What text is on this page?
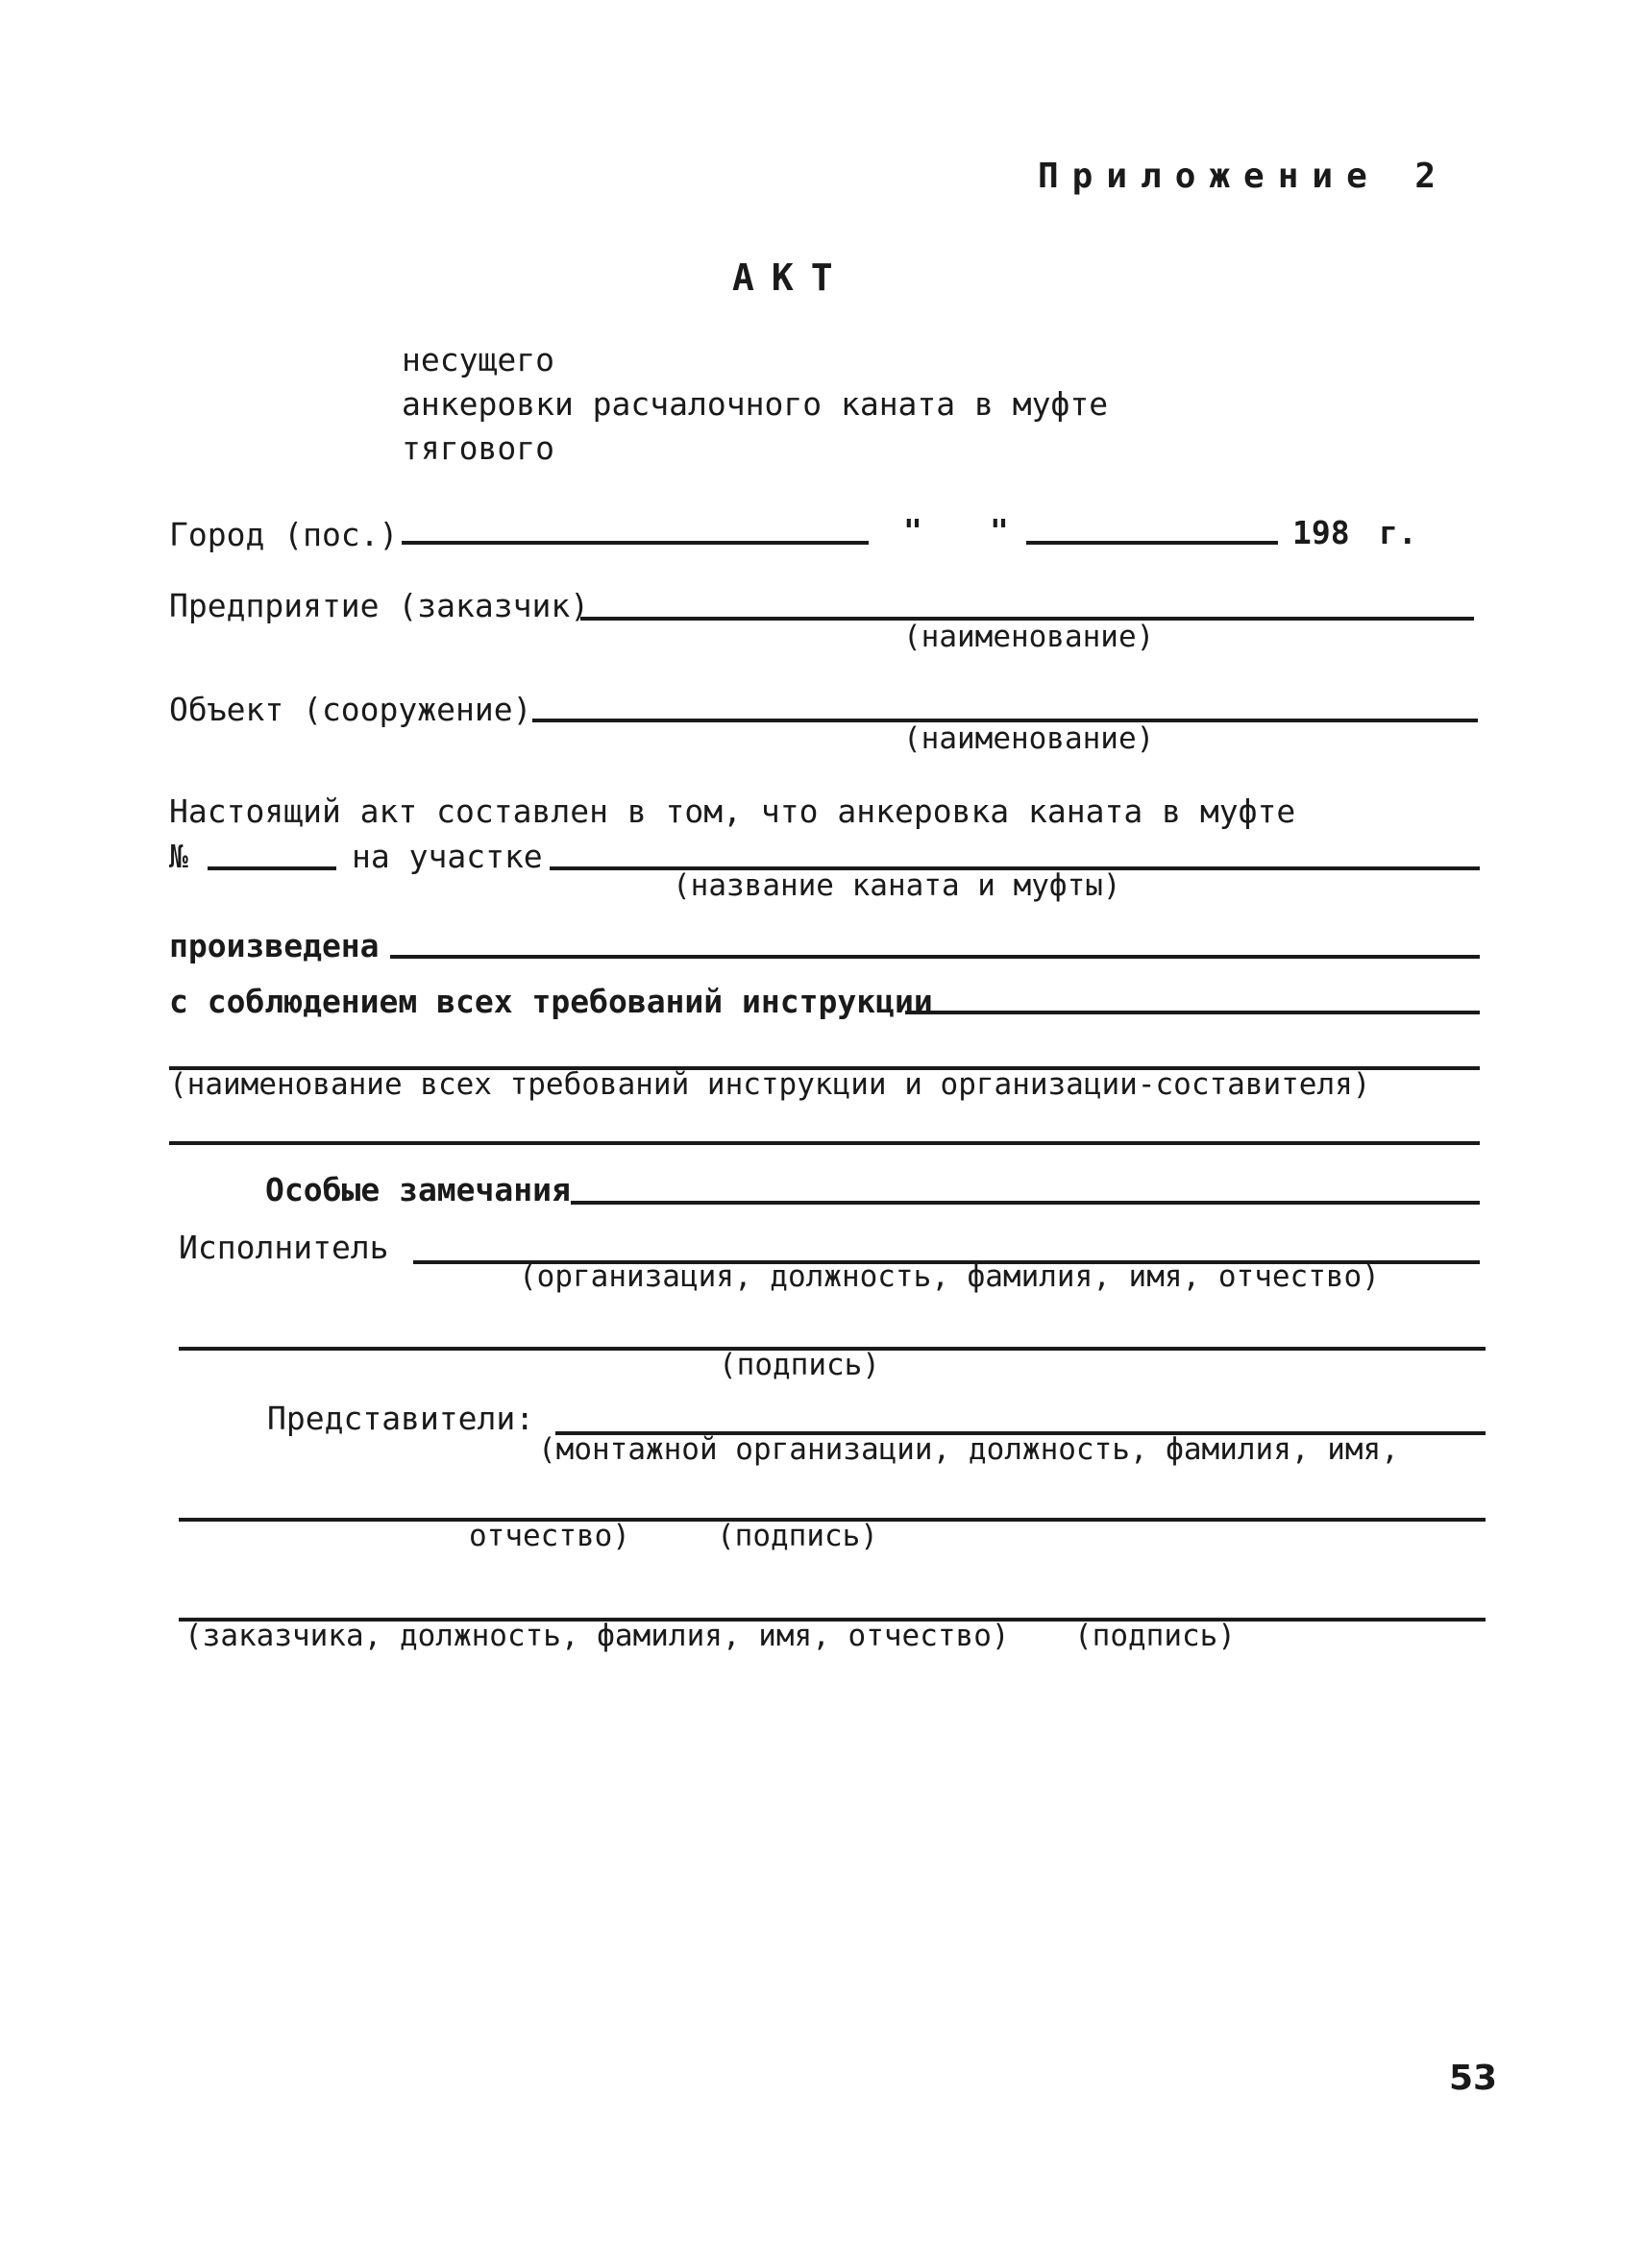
Приложение 2
АКТ
несущего
анкеровки расчалочного каната в муфте
тягового
Город (пос.)	" "	198 г.
Предприятие (заказчик)
(наименование)
Объект (сооружение)
(наименование)
Настоящий акт составлен в том, что анкеровка каната в муфте
№	на участке
(название каната и муфты)
произведена
с соблюдением всех требований инструкции
(наименование всех требований инструкции и организации-составителя)
Особые замечания
Исполнитель
(организация, должность, фамилия, имя, отчество)
(подпись)
Представители:
(монтажной организации, должность, фамилия, имя,
отчество)	(подпись)
(заказчика, должность, фамилия, имя, отчество) (подпись)
53
